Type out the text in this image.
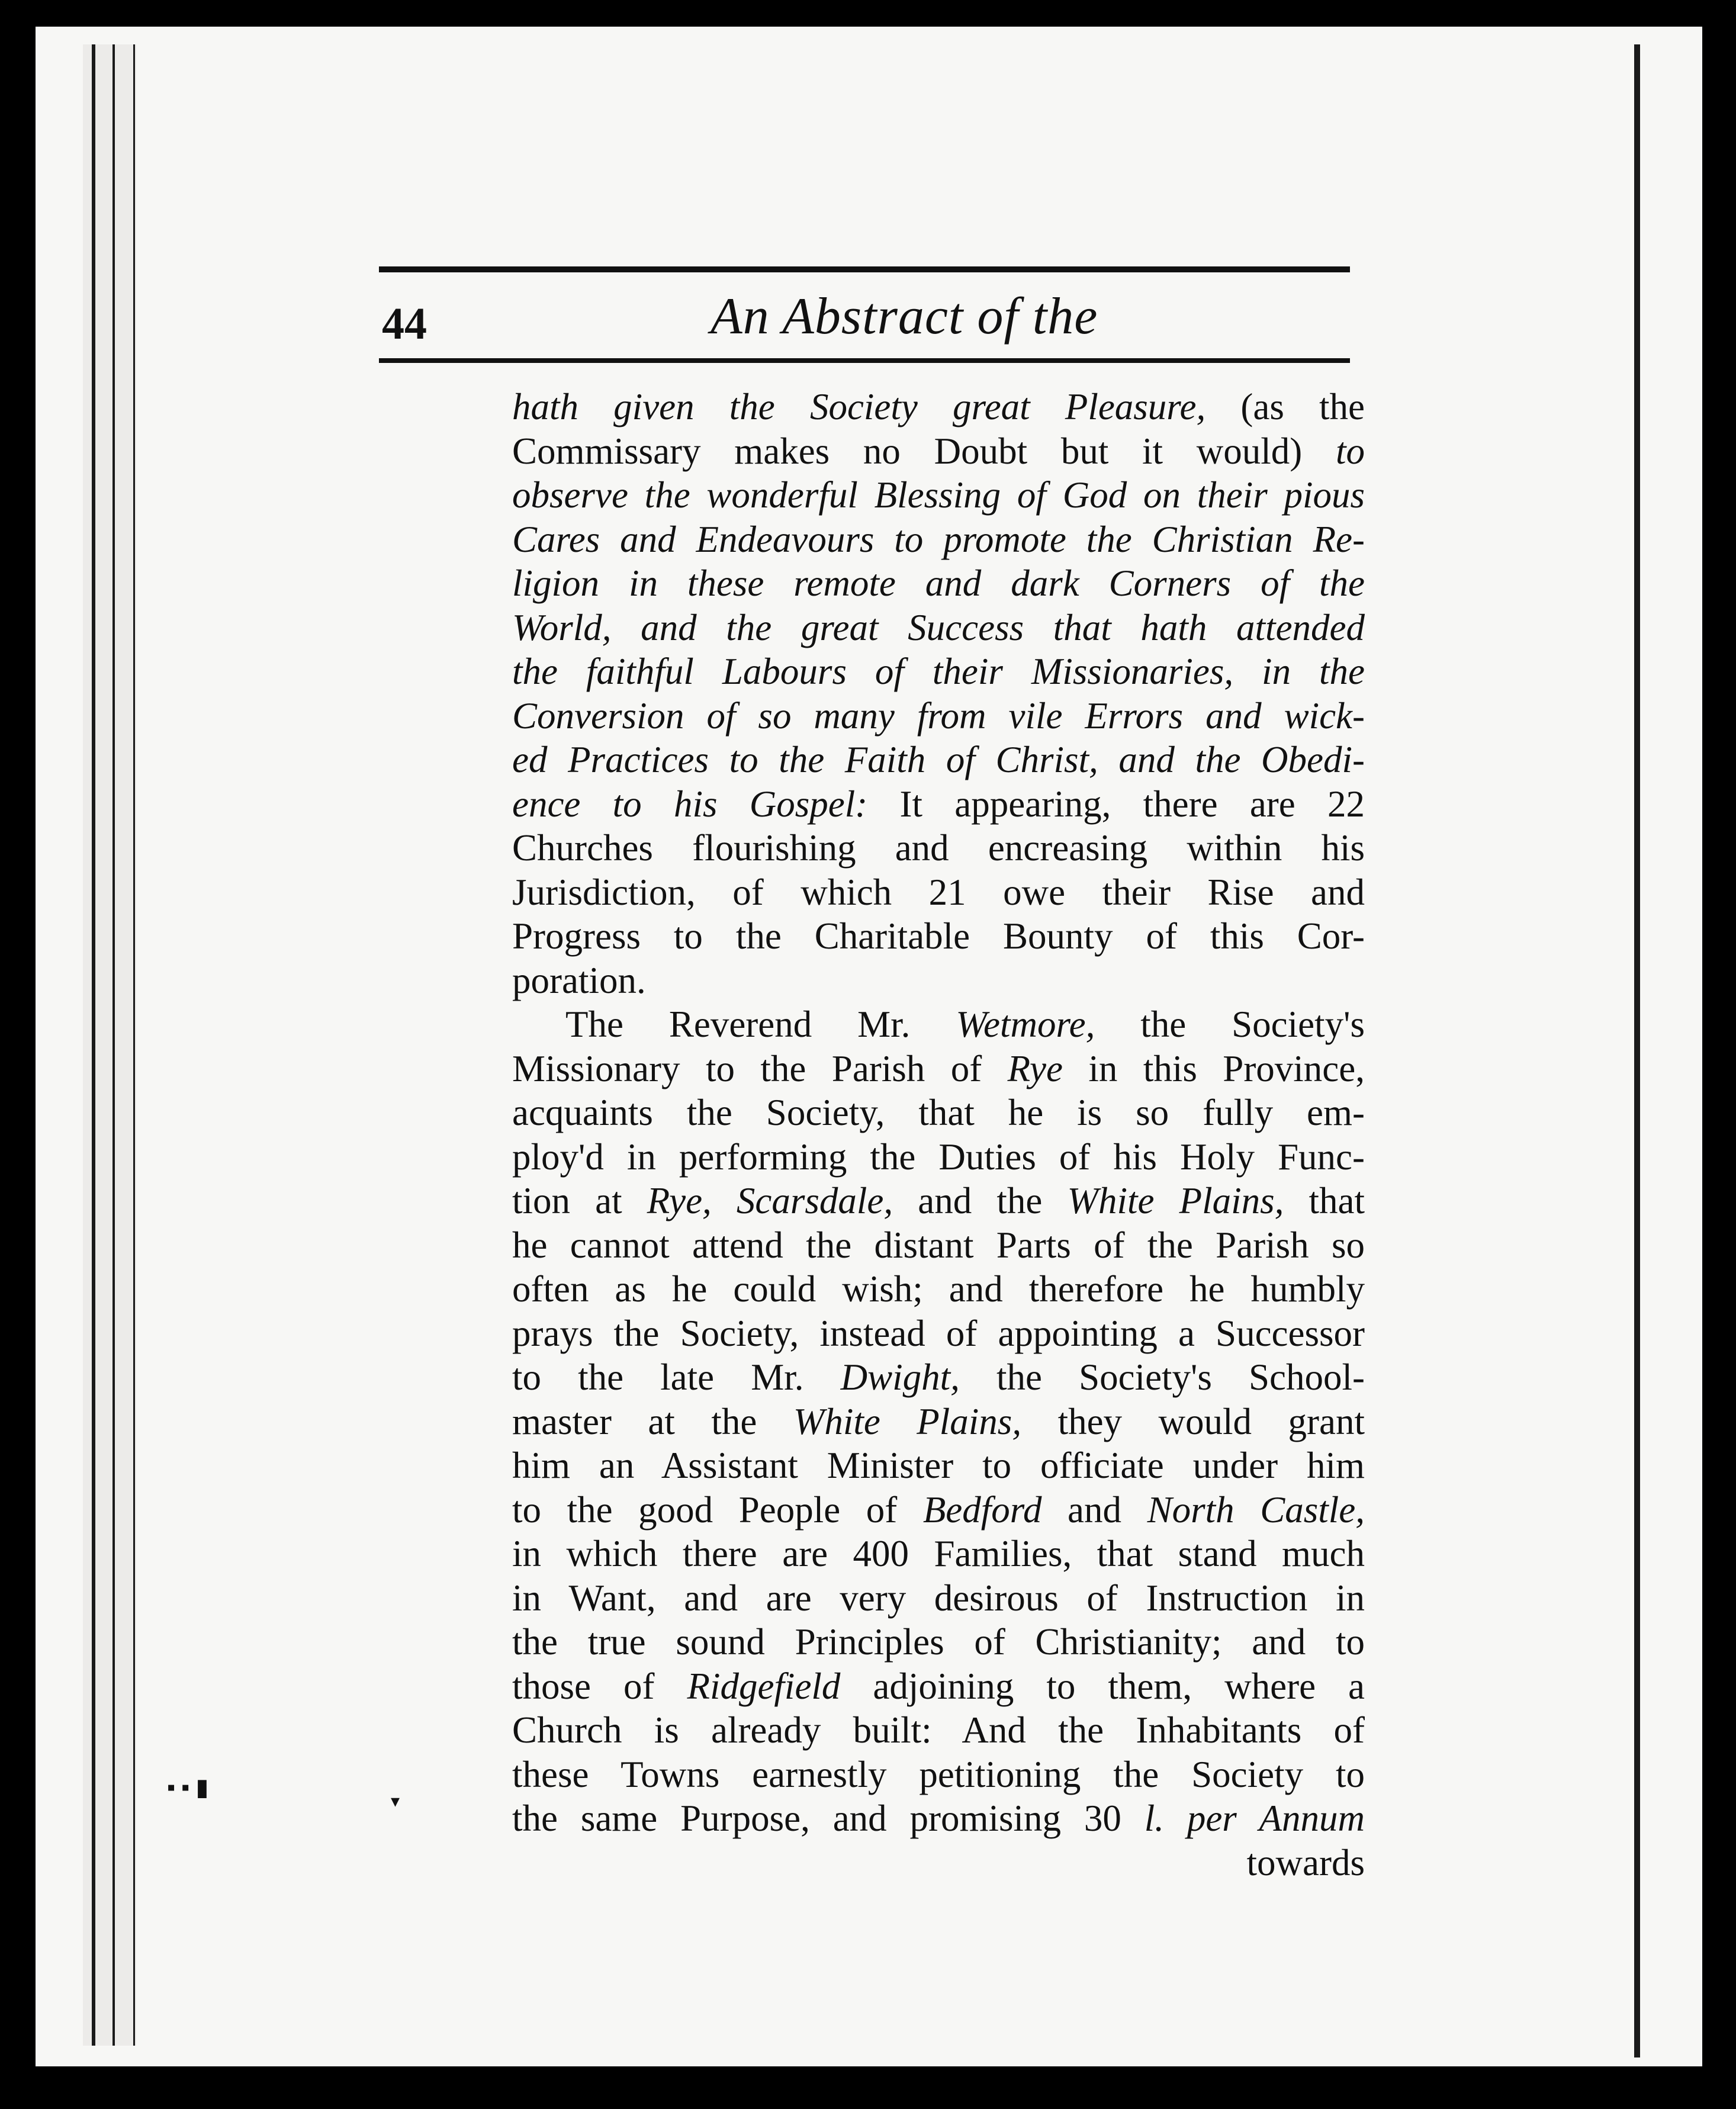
44	An Abstract of the
hath given the Society great Pleasure, (as the
Commissary makes no Doubt but it would) to
observe the wonderful Blessing of God on their pious
Cares and Endeavours to promote the Christian Re-
ligion in these remote and dark Corners of the
World, and the great Success that hath attended
the faithful Labours of their Missionaries, in the
Conversion of so many from vile Errors and wick-
ed Practices to the Faith of Christ, and the Obedi-
ence to his Gospel: It appearing, there are 22
Churches flourishing and encreasing within his
Jurisdiction, of which 21 owe their Rise and
Progress to the Charitable Bounty of this Cor-
poration.
The Reverend Mr. Wetmore, the Society's
Missionary to the Parish of Rye in this Province,
acquaints the Society, that he is so fully em-
ploy'd in performing the Duties of his Holy Func-
tion at Rye, Scarsdale, and the White Plains, that
he cannot attend the distant Parts of the Parish so
often as he could wish; and therefore he humbly
prays the Society, instead of appointing a Successor
to the late Mr. Dwight, the Society's School-
master at the White Plains, they would grant
him an Assistant Minister to officiate under him
to the good People of Bedford and North Castle,
in which there are 400 Families, that stand much
in Want, and are very desirous of Instruction in
the true sound Principles of Christianity; and to
those of Ridgefield adjoining to them, where a
Church is already built: And the Inhabitants of
these Towns earnestly petitioning the Society to
the same Purpose, and promising 30 l. per Annum
towards
▪ ▪ ▮
▾
